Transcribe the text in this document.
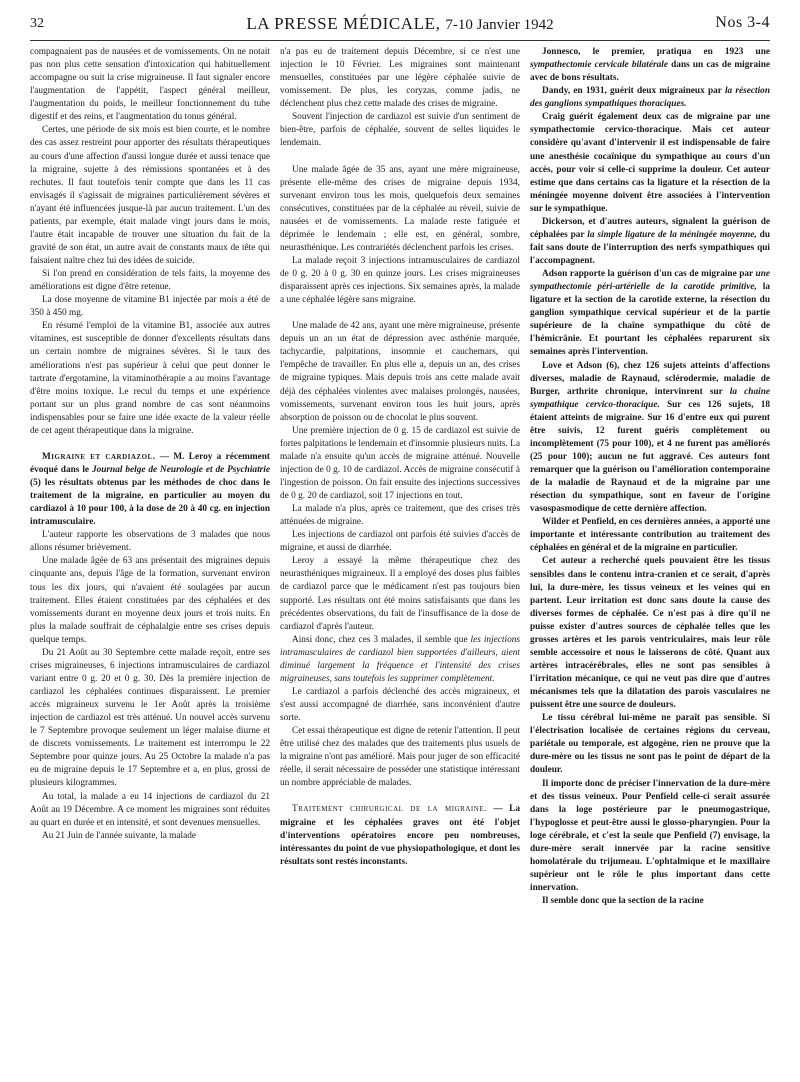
32	LA PRESSE MÉDICALE, 7-10 Janvier 1942	Nos 3-4

compagnaient pas de nausées et de vomissements. On ne notait pas non plus cette sensation d'intoxication qui habituellement accompagne ou suit la crise migraineuse. Il faut signaler encore l'augmentation de l'appétit, l'aspect général meilleur, l'augmentation du poids, le meilleur fonctionnement du tube digestif et des reins, et l'augmentation du tonus général.

Certes, une période de six mois est bien courte, et le nombre des cas assez restreint pour apporter des résultats thérapeutiques au cours d'une affection d'aussi longue durée et aussi tenace que la migraine, sujette à des rémissions spontanées et à des rechutes. Il faut toutefois tenir compte que dans les 11 cas envisagés il s'agissait de migraines particulièrement sévères et n'ayant été influencées jusque-là par aucun traitement. L'un des patients, par exemple, était malade vingt jours dans le mois, l'autre était incapable de trouver une situation du fait de la gravité de son état, un autre avait de constants maux de tête qui faisaient naître chez lui des idées de suicide.

Si l'on prend en considération de tels faits, la moyenne des améliorations est digne d'être retenue.

La dose moyenne de vitamine B1 injectée par mois a été de 350 à 450 mg.

En résumé l'emploi de la vitamine B1, associée aux autres vitamines, est susceptible de donner d'excellents résultats dans un certain nombre de migraines sévères. Si le taux des améliorations n'est pas supérieur à celui que peut donner le tartrate d'ergotamine, la vitaminothérapie a au moins l'avantage d'être moins toxique. Le recul du temps et une expérience portant sur un plus grand nombre de cas sont néanmoins indispensables pour se faire une idée exacte de la valeur réelle de cet agent thérapeutique dans la migraine.

Migraine et cardiazol. — M. Leroy a récemment évoqué dans le Journal belge de Neurologie et de Psychiatrie (5) les résultats obtenus par les méthodes de choc dans le traitement de la migraine, en particulier au moyen du cardiazol à 10 pour 100, à la dose de 20 à 40 cg. en injection intramusculaire.

L'auteur rapporte les observations de 3 malades que nous allons résumer brièvement.

Une malade âgée de 63 ans présentait des migraines depuis cinquante ans, depuis l'âge de la formation, survenant environ tous les dix jours, qui n'avaient été soulagées par aucun traitement. Elles étaient constituées par des céphalées et des vomissements durant en moyenne deux jours et trois nuits. En plus la malade souffrait de céphalalgie entre ses crises depuis quelque temps.

Du 21 Août au 30 Septembre cette malade reçoit, entre ses crises migraineuses, 6 injections intramusculaires de cardiazol variant entre 0 g. 20 et 0 g. 30. Dès la première injection de cardiazol les céphalées continues disparaissent. Le premier accès migraineux survenu le 1er Août après la troisième injection de cardiazol est très atténué. Un nouvel accès survenu le 7 Septembre provoque seulement un léger malaise diurne et de discrets vomissements. Le traitement est interrompu le 22 Septembre pour quinze jours. Au 25 Octobre la malade n'a pas eu de migraine depuis le 17 Septembre et a, en plus, grossi de plusieurs kilogrammes.

Au total, la malade a eu 14 injections de cardiazol du 21 Août au 19 Décembre. A ce moment les migraines sont réduites au quart en durée et en intensité, et sont devenues mensuelles.

Au 21 Juin de l'année suivante, la malade

n'a pas eu de traitement depuis Décembre, si ce n'est une injection le 10 Février. Les migraines sont maintenant mensuelles, constituées par une légère céphalée suivie de vomissement. De plus, les coryzas, comme jadis, ne déclenchent plus chez cette malade des crises de migraine.

Souvent l'injection de cardiazol est suivie d'un sentiment de bien-être, parfois de céphalée, souvent de selles liquides le lendemain.

Une malade âgée de 35 ans, ayant une mère migraineuse, présente elle-même des crises de migraine depuis 1934, survenant environ tous les mois, quelquefois deux semaines consécutives, constituées par de la céphalée au réveil, suivie de nausées et de vomissements. La malade reste fatiguée et déprimée le lendemain ; elle est, en général, sombre, neurasthénique. Les contrariétés déclenchent parfois les crises.

La malade reçoit 3 injections intramusculaires de cardiazol de 0 g. 20 à 0 g. 30 en quinze jours. Les crises migraineuses disparaissent après ces injections. Six semaines après, la malade a une céphalée légère sans migraine.

Une malade de 42 ans, ayant une mère migraineuse, présente depuis un an un état de dépression avec asthénie marquée, tachycardie, palpitations, insomnie et cauchemars, qui l'empêche de travailler. En plus elle a, depuis un an, des crises de migraine typiques. Mais depuis trois ans cette malade avait déjà des céphalées violentes avec malaises prolongés, nausées, vomissements, survenant environ tous les huit jours, après absorption de poisson ou de chocolat le plus souvent.

Une première injection de 0 g. 15 de cardiazol est suivie de fortes palpitations le lendemain et d'insomnie plusieurs nuits. La malade n'a ensuite qu'un accès de migraine atténué. Nouvelle injection de 0 g. 10 de cardiazol. Accès de migraine consécutif à l'ingestion de poisson. On fait ensuite des injections successives de 0 g. 20 de cardiazol, soit 17 injections en tout.

La malade n'a plus, après ce traitement, que des crises très atténuées de migraine.

Les injections de cardiazol ont parfois été suivies d'accès de migraine, et aussi de diarrhée.

Leroy a essayé la même thérapeutique chez des neurasthéniques migraineux. Il a employé des doses plus faibles de cardiazol parce que le médicament n'est pas toujours bien supporté. Les résultats ont été moins satisfaisants que dans les précédentes observations, du fait de l'insuffisance de la dose de cardiazol d'après l'auteur.

Ainsi donc, chez ces 3 malades, il semble que les injections intramusculaires de cardiazol bien supportées d'ailleurs, aient diminué largement la fréquence et l'intensité des crises migraineuses, sans toutefois les supprimer complètement.

Le cardiazol a parfois déclenché des accès migraineux, et s'est aussi accompagné de diarrhée, sans inconvénient d'autre sorte.

Cet essai thérapeutique est digne de retenir l'attention. Il peut être utilisé chez des malades que des traitements plus usuels de la migraine n'ont pas amélioré. Mais pour juger de son efficacité réelle, il serait nécessaire de posséder une statistique intéressant un nombre appréciable de malades.

Traitement chirurgical de la migraine. — La migraine et les céphalées graves ont été l'objet d'interventions opératoires encore peu nombreuses, intéressantes du point de vue physiopathologique, et dont les résultats sont restés inconstants.

Jonnesco, le premier, pratiqua en 1923 une sympathectomie cervicale bilatérale dans un cas de migraine avec de bons résultats.

Dandy, en 1931, guérit deux migraineux par la résection des ganglions sympathiques thoraciques.

Craig guérit également deux cas de migraine par une sympathectomie cervico-thoracique. Mais cet auteur considère qu'avant d'intervenir il est indispensable de faire une anesthésie cocaïnique du sympathique au cours d'un accès, pour voir si celle-ci supprime la douleur. Cet auteur estime que dans certains cas la ligature et la résection de la méningée moyenne doivent être associées à l'intervention sur le sympathique.

Dickerson, et d'autres auteurs, signalent la guérison de céphalées par la simple ligature de la méningée moyenne, du fait sans doute de l'interruption des nerfs sympathiques qui l'accompagnent.

Adson rapporte la guérison d'un cas de migraine par une sympathectomie péri-artérielle de la carotide primitive, la ligature et la section de la carotide externe, la résection du ganglion sympathique cervical supérieur et de la partie supérieure de la chaîne sympathique du côté de l'hémicrânie. Et pourtant les céphalées reparurent six semaines après l'intervention.

Love et Adson (6), chez 126 sujets atteints d'affections diverses, maladie de Raynaud, sclérodermie, maladie de Burger, arthrite chronique, intervinrent sur la chaîne sympathique cervico-thoracique. Sur ces 126 sujets, 18 étaient atteints de migraine. Sur 16 d'entre eux qui purent être suivis, 12 furent guéris complètement ou incomplètement (75 pour 100), et 4 ne furent pas améliorés (25 pour 100); aucun ne fut aggravé. Ces auteurs font remarquer que la guérison ou l'amélioration contemporaine de la maladie de Raynaud et de la migraine par une résection du sympathique, sont en faveur de l'origine vasospasmodique de cette dernière affection.

Wilder et Penfield, en ces dernières années, a apporté une importante et intéressante contribution au traitement des céphalées en général et de la migraine en particulier.

Cet auteur a recherché quels pouvaient être les tissus sensibles dans le contenu intra-cranien et ce serait, d'après lui, la dure-mère, les tissus veineux et les veines qui en partent. Leur irritation est donc sans doute la cause des diverses formes de céphalée. Ce n'est pas à dire qu'il ne puisse exister d'autres sources de céphalée telles que les grosses artères et les parois ventriculaires, mais leur rôle semble accessoire et nous le laisserons de côté. Quant aux artères intracérébrales, elles ne sont pas sensibles à l'irritation mécanique, ce qui ne veut pas dire que d'autres mécanismes tels que la dilatation des parois vasculaires ne puissent être une source de douleurs.

Le tissu cérébral lui-même ne paraît pas sensible. Si l'électrisation localisée de certaines régions du cerveau, pariétale ou temporale, est algogène, rien ne prouve que la dure-mère ou les tissus ne sont pas le point de départ de la douleur.

Il importe donc de préciser l'innervation de la dure-mère et des tissus veineux. Pour Penfield celle-ci serait assurée dans la loge postérieure par le pneumogastrique, l'hypoglosse et peut-être aussi le glosso-pharyngien. Pour la loge cérébrale, et c'est la seule que Penfield (7) envisage, la dure-mère serait innervée par la racine sensitive homolatérale du trijumeau. L'ophtalmique et le maxillaire supérieur ont le rôle le plus important dans cette innervation.

Il semble donc que la section de la racine
